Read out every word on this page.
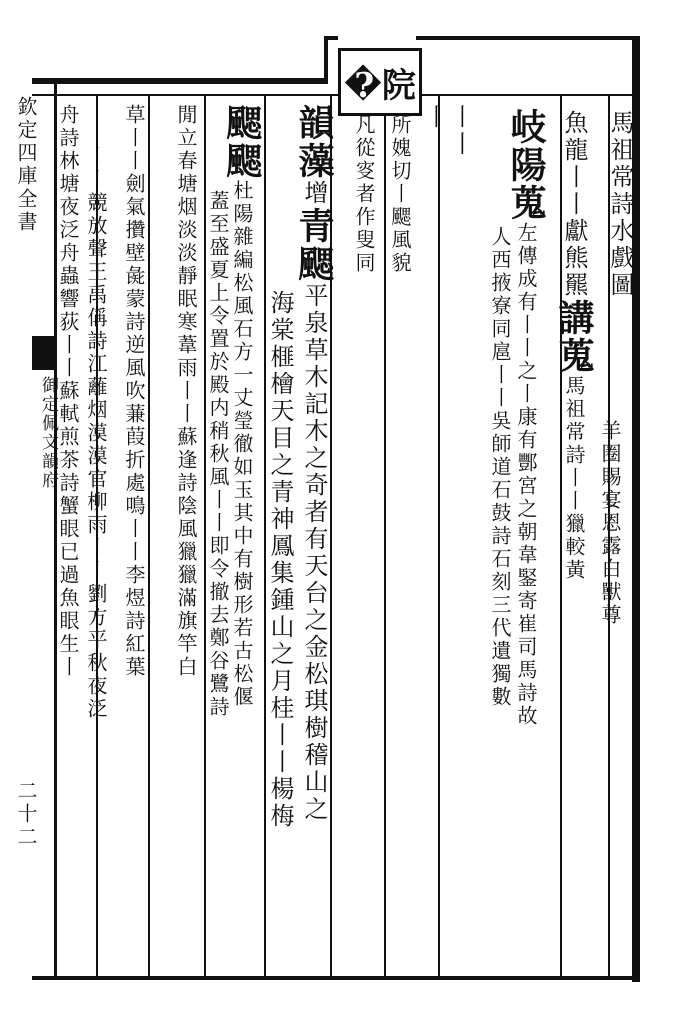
�院
馬祖常詩水戲圖
魚龍丨丨獻熊羆講蒐馬祖常詩丨丨獵較黃 羊圈賜宴恩露白獸尊
岐陽蒐左傳成有丨丨之丨康有酆宮之朝韋鋻寄崔司馬詩故
人西掖寮同扈丨丨吳師道石鼓詩石刻三代遺獨數
丨丨
丨
所媿切丨颸風貌
凡從叜者作叟同
韻藻增青颸平泉草木記木之奇者有天台之金松琪樹稽山之
海棠榧檜天目之青神鳳集鍾山之月桂丨丨楊梅
颸颸杜陽雜編松風石方一丈瑩徹如玉其中有樹形若古松偃
蓋至盛夏上令置於殿内稍秋風丨丨即令撤去鄭谷鷺詩
閒立春塘烟淡淡靜眠寒葦雨丨丨蘇逢詩陰風獵獵滿旗竿白
草丨丨劍氣攢壁彘蒙詩逆風吹蒹葭折處鳴丨丨李煜詩紅葉
丨丨競放聲王禹偁詩江蘺烟漠漠官柳雨丨丨劉方平秋夜泛
舟詩林塘夜泛舟蟲響荻丨丨蘇軾煎茶詩蟹眼已過魚眼生丨
欽定四庫全書
御定佩文韻府
二十二
